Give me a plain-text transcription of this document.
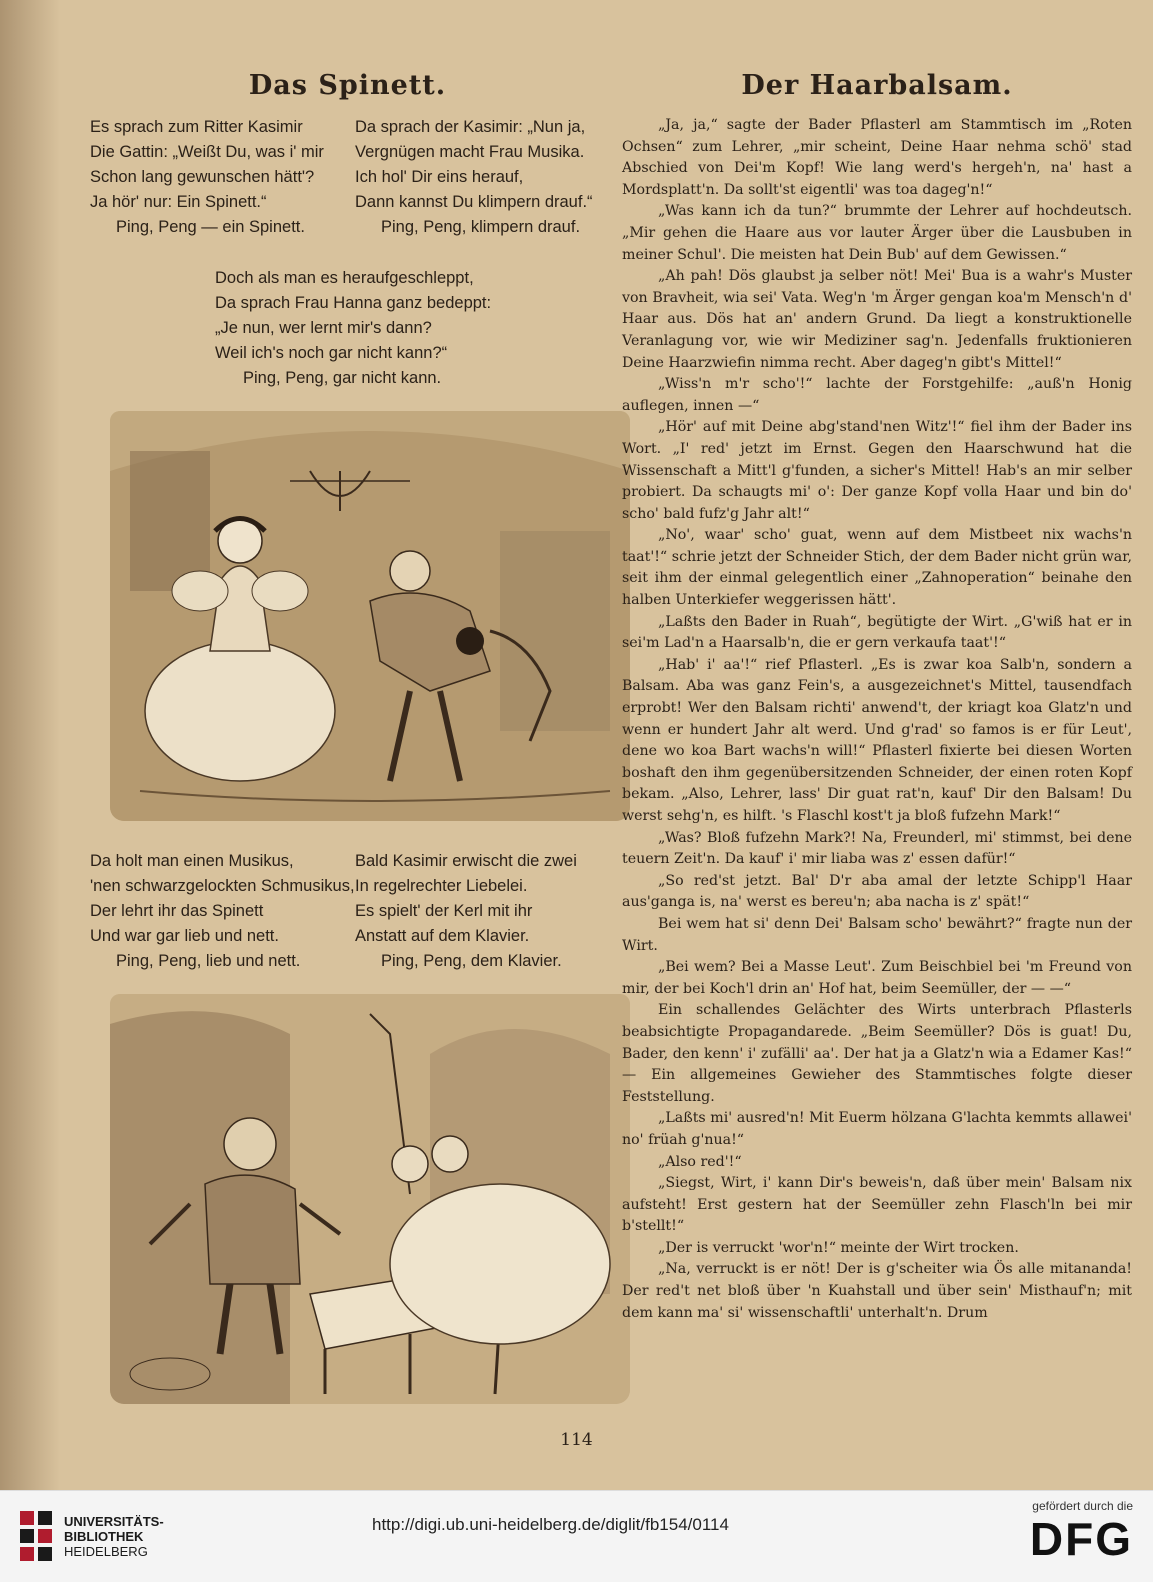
Das Spinett.
Es sprach zum Ritter Kasimir
Die Gattin: „Weißt Du, was i' mir
Schon lang gewunschen hätt'?
Ja hör' nur: Ein Spinett.“
Ping, Peng — ein Spinett.
Da sprach der Kasimir: „Nun ja,
Vergnügen macht Frau Musika.
Ich hol' Dir eins herauf,
Dann kannst Du klimpern drauf.“
Ping, Peng, klimpern drauf.
Doch als man es heraufgeschleppt,
Da sprach Frau Hanna ganz bedeppt:
„Je nun, wer lernt mir's dann?
Weil ich's noch gar nicht kann?“
Ping, Peng, gar nicht kann.
Da holt man einen Musikus,
'nen schwarzgelockten Schmusikus,
Der lehrt ihr das Spinett
Und war gar lieb und nett.
Ping, Peng, lieb und nett.
Bald Kasimir erwischt die zwei
In regelrechter Liebelei.
Es spielt' der Kerl mit ihr
Anstatt auf dem Klavier.
Ping, Peng, dem Klavier.
Der Haarbalsam.

„Ja, ja,“ sagte der Bader Pflasterl am Stammtisch im „Roten Ochsen“ zum Lehrer, „mir scheint, Deine Haar nehma schö' stad Abschied von Dei'm Kopf! Wie lang werd's hergeh'n, na' hast a Mordsplatt'n. Da sollt'st eigentli' was toa dageg'n!“

„Was kann ich da tun?“ brummte der Lehrer auf hochdeutsch. „Mir gehen die Haare aus vor lauter Ärger über die Lausbuben in meiner Schul'. Die meisten hat Dein Bub' auf dem Gewissen.“

„Ah pah! Dös glaubst ja selber nöt! Mei' Bua is a wahr's Muster von Bravheit, wia sei' Vata. Weg'n 'm Ärger gengan koa'm Mensch'n d' Haar aus. Dös hat an' andern Grund. Da liegt a konstruktionelle Veranlagung vor, wie wir Mediziner sag'n. Jedenfalls fruktionieren Deine Haarzwiefin nimma recht. Aber dageg'n gibt's Mittel!“

„Wiss'n m'r scho'!“ lachte der Forstgehilfe: „auß'n Honig auflegen, innen —“

„Hör' auf mit Deine abg'stand'nen Witz'!“ fiel ihm der Bader ins Wort. „I' red' jetzt im Ernst. Gegen den Haarschwund hat die Wissenschaft a Mitt'l g'funden, a sicher's Mittel! Hab's an mir selber probiert. Da schaugts mi' o': Der ganze Kopf volla Haar und bin do' scho' bald fufz'g Jahr alt!“

„No', waar' scho' guat, wenn auf dem Mistbeet nix wachs'n taat'!“ schrie jetzt der Schneider Stich, der dem Bader nicht grün war, seit ihm der einmal gelegentlich einer „Zahnoperation“ beinahe den halben Unterkiefer weggerissen hätt'.

„Laßts den Bader in Ruah“, begütigte der Wirt. „G'wiß hat er in sei'm Lad'n a Haarsalb'n, die er gern verkaufa taat'!“

„Hab' i' aa'!“ rief Pflasterl. „Es is zwar koa Salb'n, sondern a Balsam. Aba was ganz Fein's, a ausgezeichnet's Mittel, tausendfach erprobt! Wer den Balsam richti' anwend't, der kriagt koa Glatz'n und wenn er hundert Jahr alt werd. Und g'rad' so famos is er für Leut', dene wo koa Bart wachs'n will!“ Pflasterl fixierte bei diesen Worten boshaft den ihm gegenübersitzenden Schneider, der einen roten Kopf bekam. „Also, Lehrer, lass' Dir guat rat'n, kauf' Dir den Balsam! Du werst sehg'n, es hilft. 's Flaschl kost't ja bloß fufzehn Mark!“

„Was? Bloß fufzehn Mark?! Na, Freunderl, mi' stimmst, bei dene teuern Zeit'n. Da kauf' i' mir liaba was z' essen dafür!“

„So red'st jetzt. Bal' D'r aba amal der letzte Schipp'l Haar aus'ganga is, na' werst es bereu'n; aba nacha is z' spät!“

Bei wem hat si' denn Dei' Balsam scho' bewährt?“ fragte nun der Wirt.

„Bei wem? Bei a Masse Leut'. Zum Beischbiel bei 'm Freund von mir, der bei Koch'l drin an' Hof hat, beim Seemüller, der — —“

Ein schallendes Gelächter des Wirts unterbrach Pflasterls beabsichtigte Propagandarede. „Beim Seemüller? Dös is guat! Du, Bader, den kenn' i' zufälli' aa'. Der hat ja a Glatz'n wia a Edamer Kas!“ — Ein allgemeines Gewieher des Stammtisches folgte dieser Feststellung.

„Laßts mi' ausred'n! Mit Euerm hölzana G'lachta kemmts allawei' no' früah g'nua!“

„Also red'!“

„Siegst, Wirt, i' kann Dir's beweis'n, daß über mein' Balsam nix aufsteht! Erst gestern hat der Seemüller zehn Flasch'ln bei mir b'stellt!“

„Der is verruckt 'wor'n!“ meinte der Wirt trocken.

„Na, verruckt is er nöt! Der is g'scheiter wia Ös alle mitananda! Der red't net bloß über 'n Kuahstall und über sein' Misthauf'n; mit dem kann ma' si' wissenschaftli' unterhalt'n. Drum

114
UNIVERSITÄTS-
BIBLIOTHEK
HEIDELBERG
http://digi.ub.uni-heidelberg.de/diglit/fb154/0114
gefördert durch die
DFG
